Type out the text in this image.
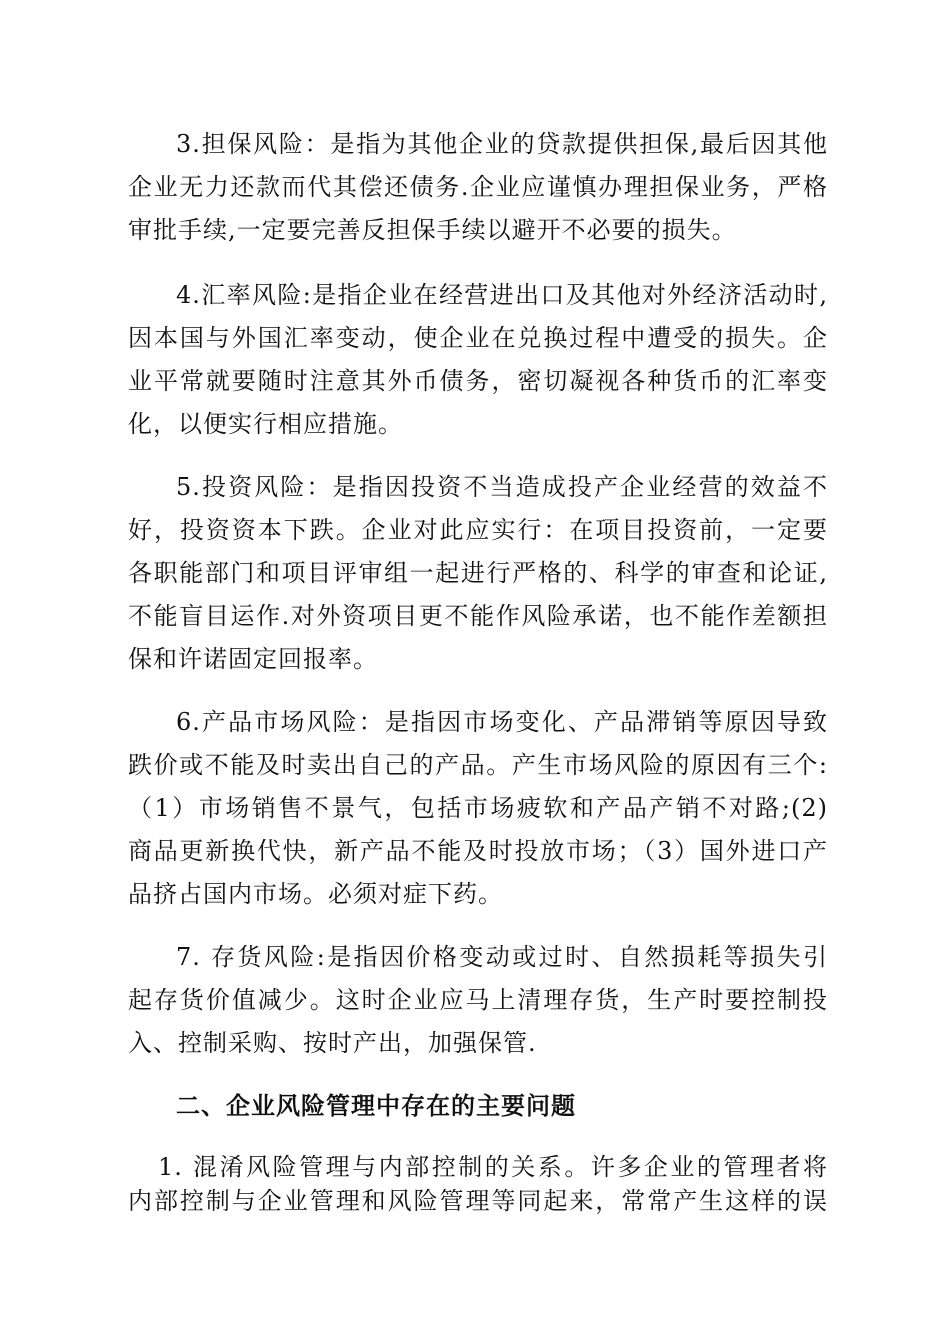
3.担保风险：是指为其他企业的贷款提供担保,最后因其他
企业无力还款而代其偿还债务.企业应谨慎办理担保业务，严格
审批手续,一定要完善反担保手续以避开不必要的损失。
4.汇率风险:是指企业在经营进出口及其他对外经济活动时,
因本国与外国汇率变动，使企业在兑换过程中遭受的损失。企
业平常就要随时注意其外币债务，密切凝视各种货币的汇率变
化，以便实行相应措施。
5.投资风险：是指因投资不当造成投产企业经营的效益不
好，投资资本下跌。企业对此应实行：在项目投资前，一定要
各职能部门和项目评审组一起进行严格的、科学的审查和论证,
不能盲目运作.对外资项目更不能作风险承诺，也不能作差额担
保和许诺固定回报率。
6.产品市场风险：是指因市场变化、产品滞销等原因导致
跌价或不能及时卖出自己的产品。产生市场风险的原因有三个:
（1）市场销售不景气，包括市场疲软和产品产销不对路;(2)
商品更新换代快，新产品不能及时投放市场；（3）国外进口产
品挤占国内市场。必须对症下药。
7. 存货风险:是指因价格变动或过时、自然损耗等损失引
起存货价值减少。这时企业应马上清理存货，生产时要控制投
入、控制采购、按时产出，加强保管.
二、企业风险管理中存在的主要问题
1. 混淆风险管理与内部控制的关系。许多企业的管理者将
内部控制与企业管理和风险管理等同起来，常常产生这样的误
